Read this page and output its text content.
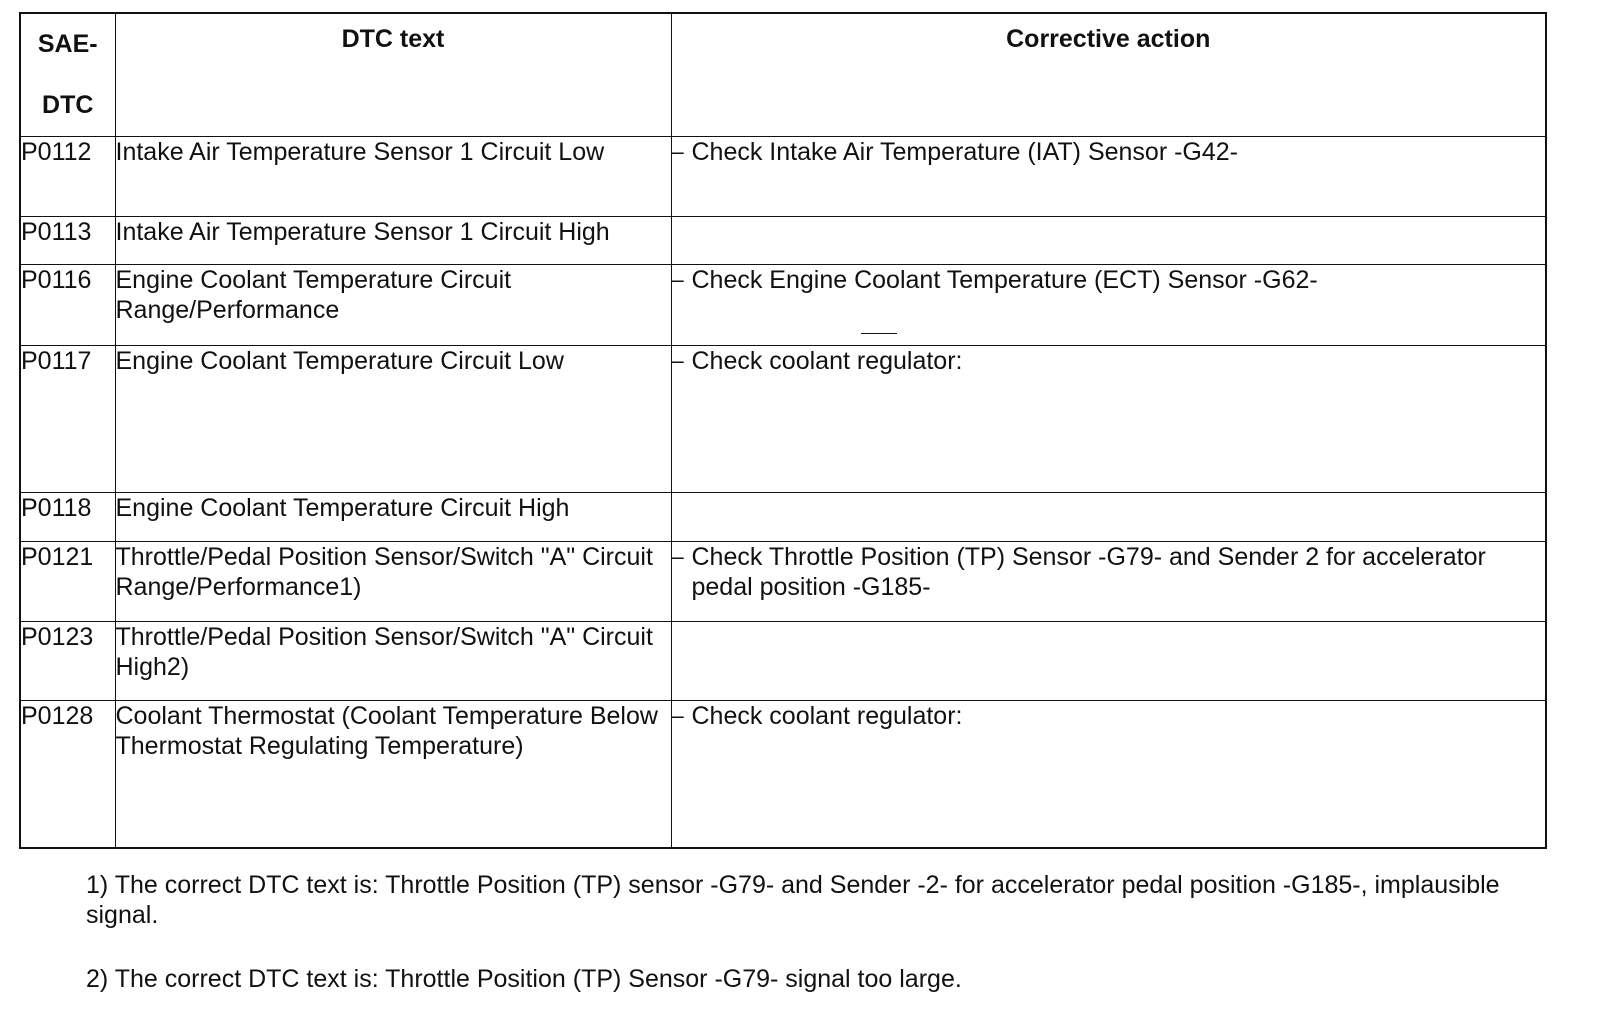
SAE-
DTC	DTC text	Corrective action

P0112	Intake Air Temperature Sensor 1 Circuit Low	– Check Intake Air Temperature (IAT) Sensor -G42-

P0113	Intake Air Temperature Sensor 1 Circuit High	
P0116	Engine Coolant Temperature Circuit Range/Performance	– Check Engine Coolant Temperature (ECT) Sensor -G62-

P0117	Engine Coolant Temperature Circuit Low	– Check coolant regulator:

P0118	Engine Coolant Temperature Circuit High	
P0121	Throttle/Pedal Position Sensor/Switch "A" Circuit Range/Performance1)	– Check Throttle Position (TP) Sensor -G79- and Sender 2 for accelerator pedal position -G185-

P0123	Throttle/Pedal Position Sensor/Switch "A" Circuit High2)	
P0128	Coolant Thermostat (Coolant Temperature Below Thermostat Regulating Temperature)	– Check coolant regulator:

1) The correct DTC text is: Throttle Position (TP) sensor -G79- and Sender -2- for accelerator pedal position -G185-, implausible signal.

2) The correct DTC text is: Throttle Position (TP) Sensor -G79- signal too large.
